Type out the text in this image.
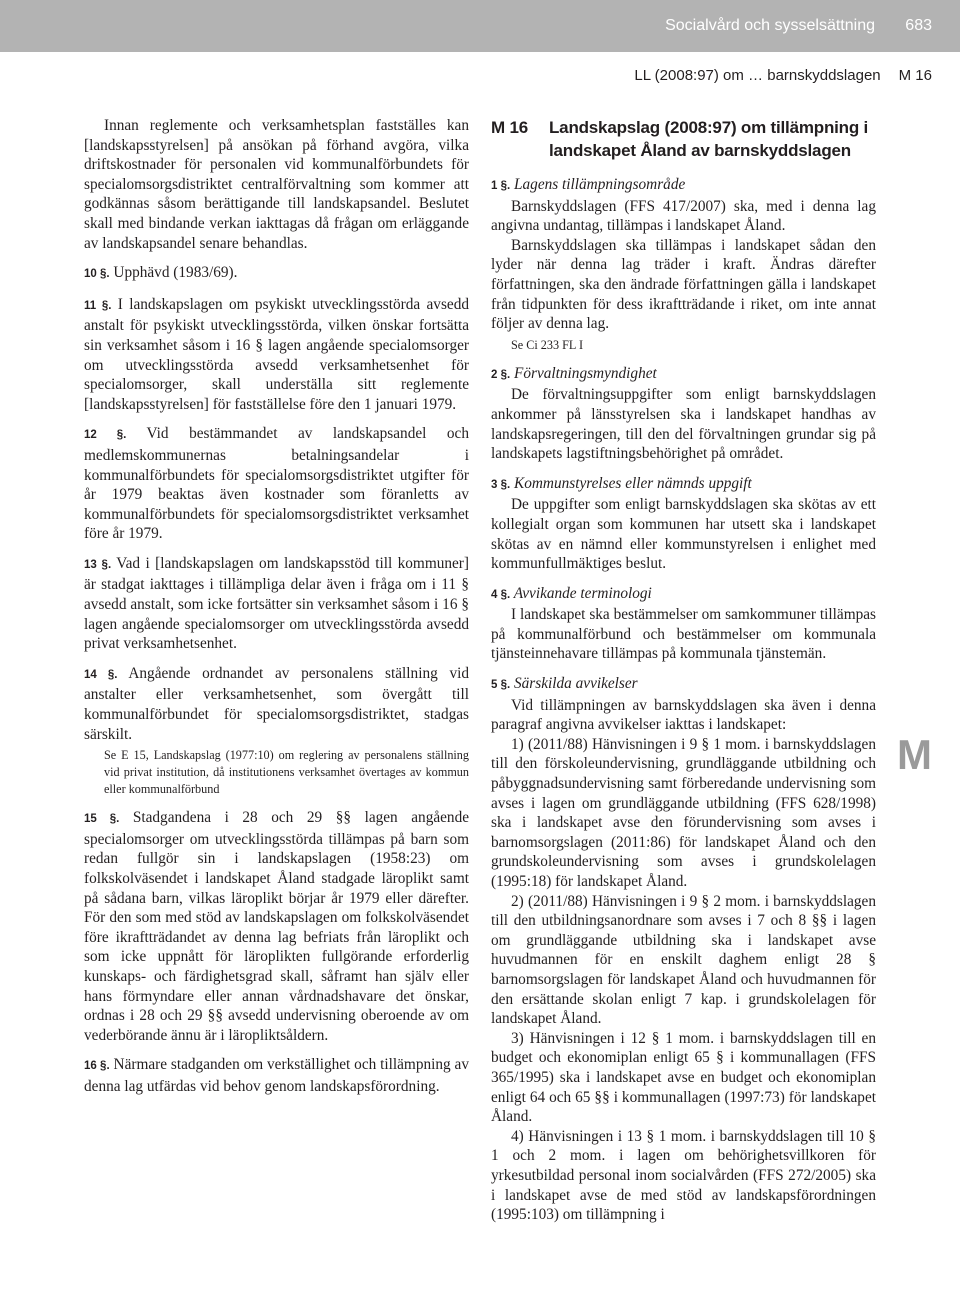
Socialvård och sysselsättning 683
LL (2008:97) om … barnskyddslagen M 16

Innan reglemente och verksamhetsplan fastställes kan [landskapsstyrelsen] på ansökan på förhand avgöra, vilka driftskostnader för personalen vid kommunalförbundets för specialomsorgsdistriktet centralförvaltning som kommer att godkännas såsom berättigande till landskapsandel. Beslutet skall med bindande verkan iakttagas då frågan om erläggande av landskapsandel senare behandlas.

10 §. Upphävd (1983/69).

11 §. I landskapslagen om psykiskt utvecklingsstörda avsedd anstalt för psykiskt utvecklingsstörda, vilken önskar fortsätta sin verksamhet såsom i 16 § lagen angående specialomsorger om utvecklingsstörda avsedd verksamhetsenhet för specialomsorger, skall underställa sitt reglemente [landskapsstyrelsen] för fastställelse före den 1 januari 1979.

12 §. Vid bestämmandet av landskapsandel och medlemskommunernas betalningsandelar i kommunalförbundets för specialomsorgsdistriktet utgifter för år 1979 beaktas även kostnader som föranletts av kommunalförbundets för specialomsorgsdistriktet verksamhet före år 1979.

13 §. Vad i [landskapslagen om landskapsstöd till kommuner] är stadgat iakttages i tillämpliga delar även i fråga om i 11 § avsedd anstalt, som icke fortsätter sin verksamhet såsom i 16 § lagen angående specialomsorger om utvecklingsstörda avsedd privat verksamhetsenhet.

14 §. Angående ordnandet av personalens ställning vid anstalter eller verksamhetsenhet, som övergått till kommunalförbundet för specialomsorgsdistriktet, stadgas särskilt.

Se E 15, Landskapslag (1977:10) om reglering av personalens ställning vid privat institution, då institutionens verksamhet övertages av kommun eller kommunalförbund

15 §. Stadgandena i 28 och 29 §§ lagen angående specialomsorger om utvecklingsstörda tillämpas på barn som redan fullgör sin i landskapslagen (1958:23) om folkskolväsendet i landskapet Åland stadgade läroplikt samt på sådana barn, vilkas läroplikt börjar år 1979 eller därefter. För den som med stöd av landskapslagen om folkskolväsendet före ikraftträdandet av denna lag befriats från läroplikt och som icke uppnått för läroplikten fullgörande erforderlig kunskaps- och färdighetsgrad skall, såframt han själv eller hans förmyndare eller annan vårdnadshavare det önskar, ordnas i 28 och 29 §§ avsedd undervisning oberoende av om vederbörande ännu är i läropliktsåldern.

16 §. Närmare stadganden om verkställighet och tillämpning av denna lag utfärdas vid behov genom landskapsförordning.

M 16	Landskapslag (2008:97) om tillämpning i landskapet Åland av barnskyddslagen

1 §. Lagens tillämpningsområde

Barnskyddslagen (FFS 417/2007) ska, med i denna lag angivna undantag, tillämpas i landskapet Åland.

Barnskyddslagen ska tillämpas i landskapet sådan den lyder när denna lag träder i kraft. Ändras därefter författningen, ska den ändrade författningen gälla i landskapet från tidpunkten för dess ikraftträdande i riket, om inte annat följer av denna lag.

Se Ci 233 FL I

2 §. Förvaltningsmyndighet

De förvaltningsuppgifter som enligt barnskyddslagen ankommer på länsstyrelsen ska i landskapet handhas av landskapsregeringen, till den del förvaltningen grundar sig på landskapets lagstiftningsbehörighet på området.

3 §. Kommunstyrelses eller nämnds uppgift

De uppgifter som enligt barnskyddslagen ska skötas av ett kollegialt organ som kommunen har utsett ska i landskapet skötas av en nämnd eller kommunstyrelsen i enlighet med kommunfullmäktiges beslut.

4 §. Avvikande terminologi

I landskapet ska bestämmelser om samkommuner tillämpas på kommunalförbund och bestämmelser om kommunala tjänsteinnehavare tillämpas på kommunala tjänstemän.

5 §. Särskilda avvikelser

Vid tillämpningen av barnskyddslagen ska även i denna paragraf angivna avvikelser iakttas i landskapet:

1) (2011/88) Hänvisningen i 9 § 1 mom. i barnskyddslagen till den förskoleundervisning, grundläggande utbildning och påbyggnadsundervisning samt förberedande undervisning som avses i lagen om grundläggande utbildning (FFS 628/1998) ska i landskapet avse den förundervisning som avses i barnomsorgslagen (2011:86) för landskapet Åland och den grundskoleundervisning som avses i grundskolelagen (1995:18) för landskapet Åland.

2) (2011/88) Hänvisningen i 9 § 2 mom. i barnskyddslagen till den utbildningsanordnare som avses i 7 och 8 §§ i lagen om grundläggande utbildning ska i landskapet avse huvudmannen för en enskilt daghem enligt 28 § barnomsorgslagen för landskapet Åland och huvudmannen för den ersättande skolan enligt 7 kap. i grundskolelagen för landskapet Åland.

3) Hänvisningen i 12 § 1 mom. i barnskyddslagen till en budget och ekonomiplan enligt 65 § i kommunallagen (FFS 365/1995) ska i landskapet avse en budget och ekonomiplan enligt 64 och 65 §§ i kommunallagen (1997:73) för landskapet Åland.

4) Hänvisningen i 13 § 1 mom. i barnskyddslagen till 10 § 1 och 2 mom. i lagen om behörighetsvillkoren för yrkesutbildad personal inom socialvården (FFS 272/2005) ska i landskapet avse de med stöd av landskapsförordningen (1995:103) om tillämpning i

M
